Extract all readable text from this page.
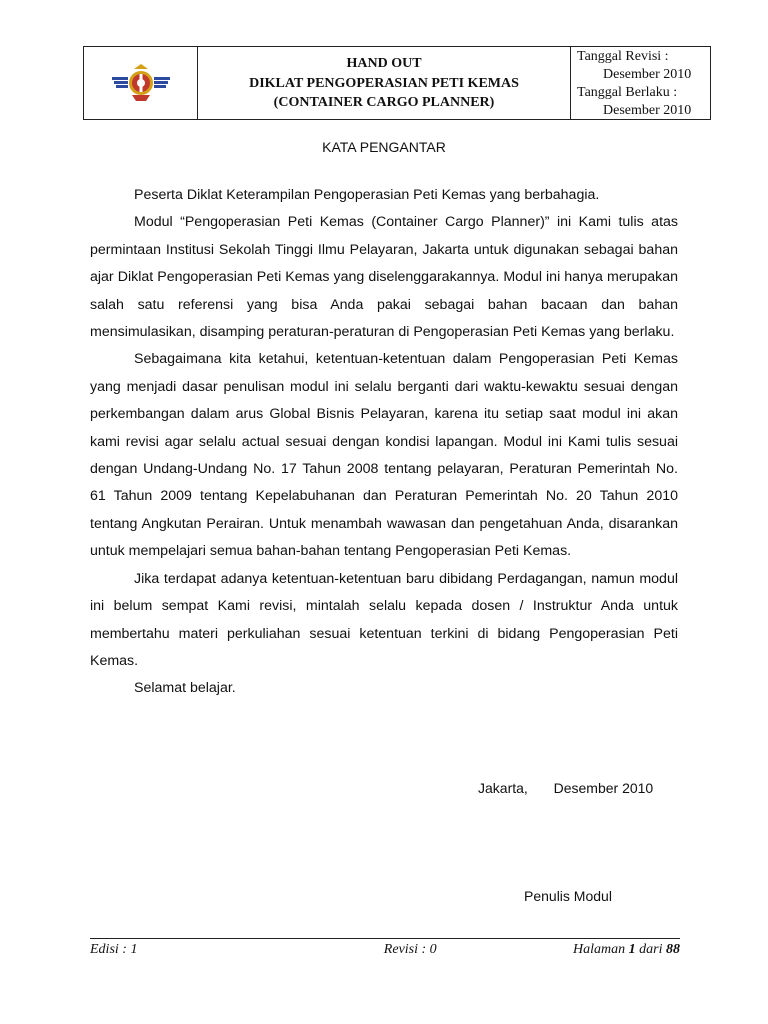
HAND OUT
DIKLAT PENGOPERASIAN PETI KEMAS
(CONTAINER CARGO PLANNER)
Tanggal Revisi :
Desember 2010
Tanggal Berlaku :
Desember 2010
KATA PENGANTAR

Peserta Diklat Keterampilan Pengoperasian Peti Kemas yang berbahagia.

Modul “Pengoperasian Peti Kemas (Container Cargo Planner)” ini Kami tulis atas permintaan Institusi Sekolah Tinggi Ilmu Pelayaran, Jakarta untuk digunakan sebagai bahan ajar Diklat Pengoperasian Peti Kemas yang diselenggarakannya. Modul ini hanya merupakan salah satu referensi yang bisa Anda pakai sebagai bahan bacaan dan bahan mensimulasikan, disamping peraturan-peraturan di Pengoperasian Peti Kemas yang berlaku.

Sebagaimana kita ketahui, ketentuan-ketentuan dalam Pengoperasian Peti Kemas yang menjadi dasar penulisan modul ini selalu berganti dari waktu-kewaktu sesuai dengan perkembangan dalam arus Global Bisnis Pelayaran, karena itu setiap saat modul ini akan kami revisi agar selalu actual sesuai dengan kondisi lapangan. Modul ini Kami tulis sesuai dengan Undang-Undang No. 17 Tahun 2008 tentang pelayaran, Peraturan Pemerintah No. 61 Tahun 2009 tentang Kepelabuhanan dan Peraturan Pemerintah No. 20 Tahun 2010 tentang Angkutan Perairan. Untuk menambah wawasan dan pengetahuan Anda, disarankan untuk mempelajari semua bahan-bahan tentang Pengoperasian Peti Kemas.

Jika terdapat adanya ketentuan-ketentuan baru dibidang Perdagangan, namun modul ini belum sempat Kami revisi, mintalah selalu kepada dosen / Instruktur Anda untuk membertahu materi perkuliahan sesuai ketentuan terkini di bidang Pengoperasian Peti Kemas.

Selamat belajar.

Jakarta, Desember 2010
Penulis Modul
Edisi : 1	Revisi : 0	Halaman 1 dari 88
